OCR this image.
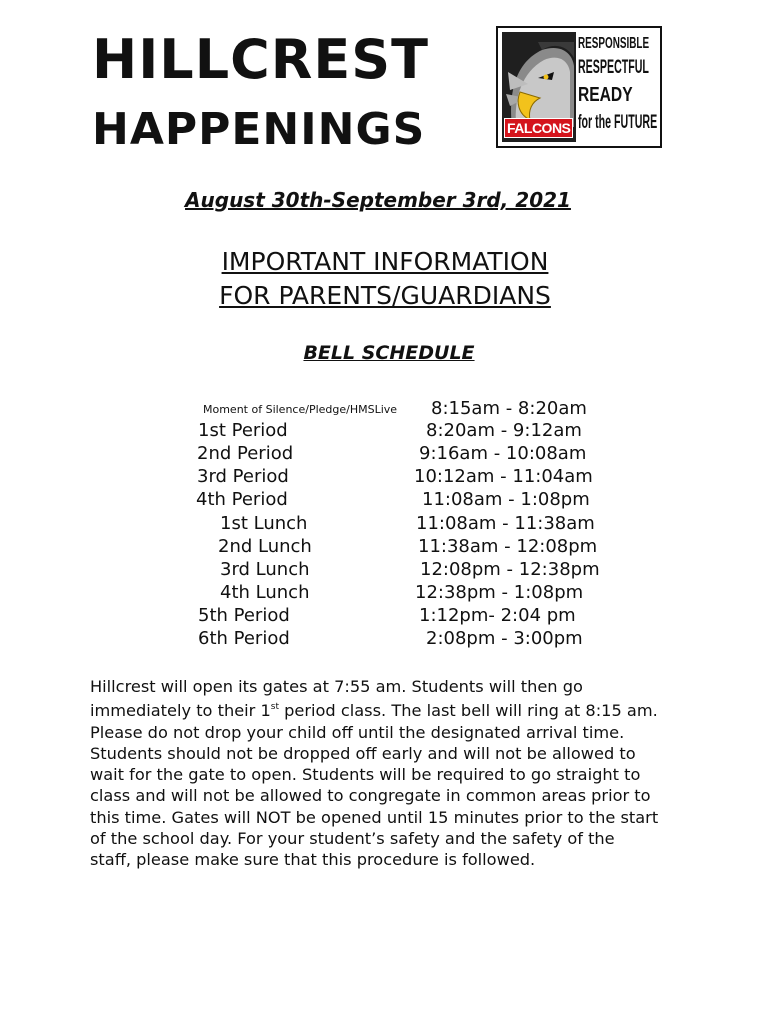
HILLCREST
HAPPENINGS	FALCONS
RESPONSIBLE
RESPECTFUL
READY
for the FUTURE
August 30th-September 3rd, 2021
IMPORTANT INFORMATION
FOR PARENTS/GUARDIANS
BELL SCHEDULE
Moment of Silence/Pledge/HMSLive 8:15am - 8:20am
1st Period	8:20am - 9:12am
2nd Period	9:16am - 10:08am
3rd Period	10:12am - 11:04am
4th Period	11:08am - 1:08pm
1st Lunch	11:08am - 11:38am
2nd Lunch	11:38am - 12:08pm
3rd Lunch	12:08pm - 12:38pm
4th Lunch	12:38pm - 1:08pm
5th Period	1:12pm- 2:04 pm
6th Period	2:08pm - 3:00pm
Hillcrest will open its gates at 7:55 am. Students will then go
immediately to their 1st period class. The last bell will ring at 8:15 am.
Please do not drop your child off until the designated arrival time.
Students should not be dropped off early and will not be allowed to
wait for the gate to open. Students will be required to go straight to
class and will not be allowed to congregate in common areas prior to
this time. Gates will NOT be opened until 15 minutes prior to the start
of the school day. For your student’s safety and the safety of the
staff, please make sure that this procedure is followed.
